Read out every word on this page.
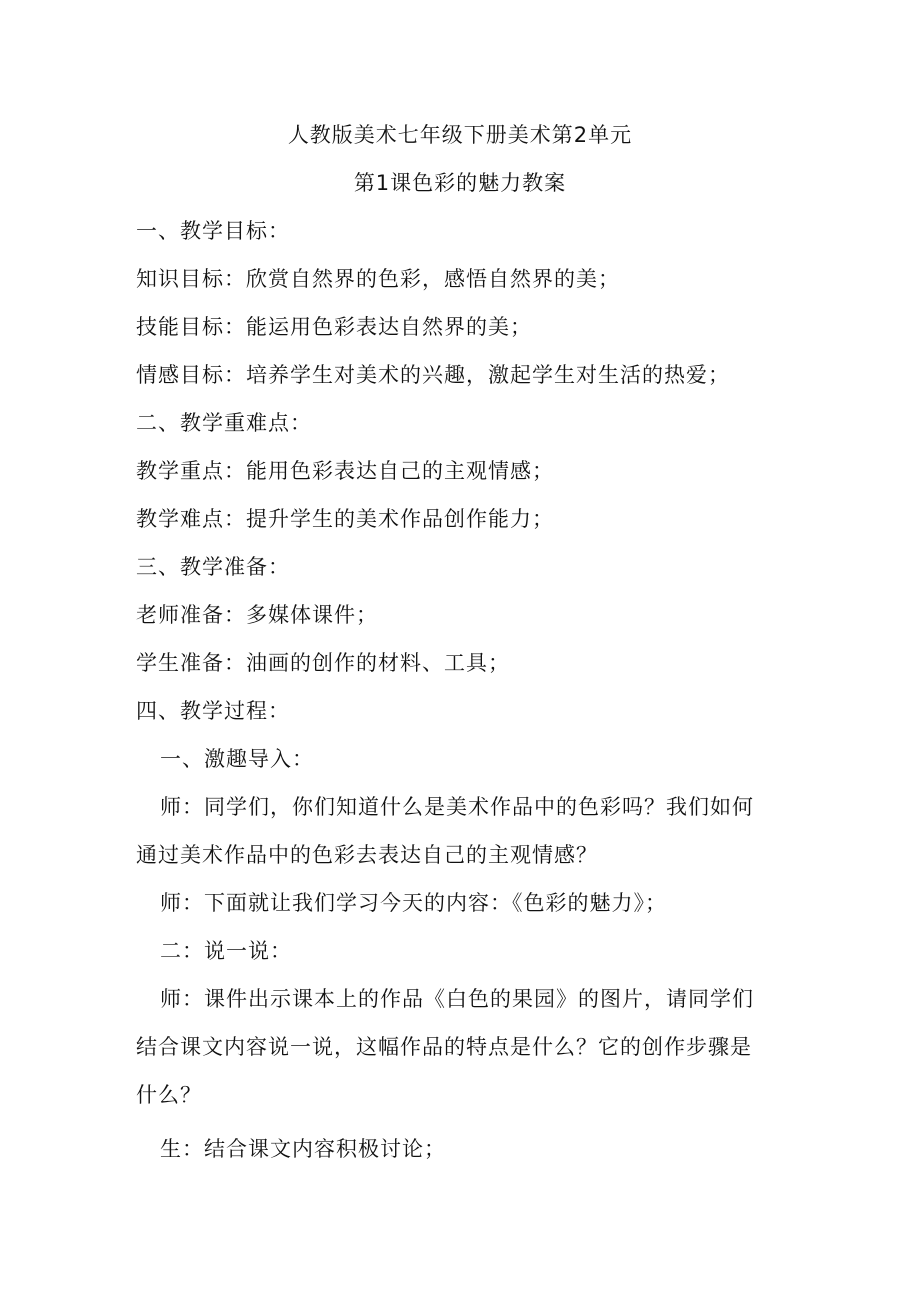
人教版美术七年级下册美术第2单元
第1课色彩的魅力教案
一、教学目标：
知识目标：欣赏自然界的色彩，感悟自然界的美；
技能目标：能运用色彩表达自然界的美；
情感目标：培养学生对美术的兴趣，激起学生对生活的热爱；
二、教学重难点：
教学重点：能用色彩表达自己的主观情感；
教学难点：提升学生的美术作品创作能力；
三、教学准备：
老师准备：多媒体课件；
学生准备：油画的创作的材料、工具；
四、教学过程：
一、激趣导入：
师：同学们，你们知道什么是美术作品中的色彩吗？我们如何
通过美术作品中的色彩去表达自己的主观情感？
师：下面就让我们学习今天的内容：《色彩的魅力》；
二：说一说：
师：课件出示课本上的作品《白色的果园》的图片，请同学们
结合课文内容说一说，这幅作品的特点是什么？它的创作步骤是
什么？
生：结合课文内容积极讨论；
